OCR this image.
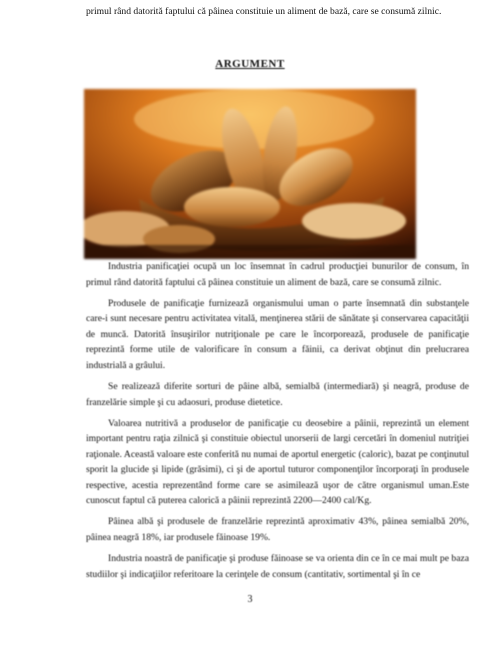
primul rând datorită faptului că pâinea constituie un aliment de bază, care se consumă zilnic.
ARGUMENT

Industria panificaţiei ocupă un loc însemnat în cadrul producţiei bunurilor de consum, în primul rând datorită faptului că pâinea constituie un aliment de bază, care se consumă zilnic.

Produsele de panificaţie furnizează organismului uman o parte însemnată din substanţele care-i sunt necesare pentru activitatea vitală, menţinerea stării de sănătate şi conservarea capacităţii de muncă. Datorită însuşirilor nutriţionale pe care le încorporează, produsele de panificaţie reprezintă forme utile de valorificare în consum a făinii, ca derivat obţinut din prelucrarea industrială a grâului.

Se realizează diferite sorturi de pâine albă, semialbă (intermediară) şi neagră, produse de franzelărie simple şi cu adaosuri, produse dietetice.

Valoarea nutritivă a produselor de panificaţie cu deosebire a pâinii, reprezintă un element important pentru raţia zilnică şi constituie obiectul unorserii de largi cercetări în domeniul nutriţiei raţionale. Această valoare este conferită nu numai de aportul energetic (caloric), bazat pe conţinutul sporit la glucide şi lipide (grăsimi), ci şi de aportul tuturor componenţilor încorporaţi în produsele respective, acestia reprezentând forme care se asimilează uşor de către organismul uman.Este cunoscut faptul că puterea calorică a pâinii reprezintă 2200—2400 cal/Kg.

Pâinea albă şi produsele de franzelărie reprezintă aproximativ 43%, pâinea semialbă 20%, pâinea neagră 18%, iar produsele făinoase 19%.

Industria noastră de panificaţie şi produse făinoase se va orienta din ce în ce mai mult pe baza studiilor şi indicaţiilor referitoare la cerinţele de consum (cantitativ, sortimental şi în ce

3
